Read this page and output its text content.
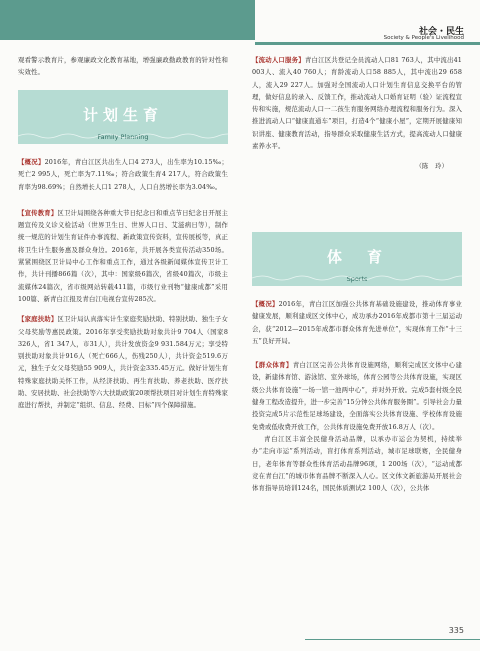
社会・民生
Society & People's Livelihood

观看警示教育片，参观廉政文化教育基地，增强廉政勤政教育的针对性和实效性。

计划生育
Family Planning

【概况】2016年，青白江区共出生人口4 273人，出生率为10.15‰；死亡2 995人，死亡率为7.11‰；符合政策生育4 217人，符合政策生育率为98.69%；自然增长人口1 278人，人口自然增长率为3.04‰。

【宣传教育】区卫计局围绕各种重大节日纪念日和重点节日纪念日开展主题宣传及义诊义检活动（世界卫生日、世界人口日、艾滋病日等），制作统一规范的计划生育证件办事流程、新政策宣传资料，宣传展板等，真正将卫生计生服务惠及群众身边。2016年，共开展各类宣传活动350场。紧紧围绕区卫计局中心工作和重点工作，通过各级新闻媒体宣传卫计工作，共计刊播866篇（次），其中：国家级6篇次，省级40篇次，市级主流媒体24篇次，省市级网站转载411篇，市级行业刊物“健康成都”采用100篇、新青白江报及青白江电视台宣传285次。

【家庭扶助】区卫计局认真落实计生家庭奖励扶助、特别扶助、独生子女父母奖励等惠民政策。2016年享受奖励扶助对象共计9 704人（国家8 326人，省1 347人，市31人），共计发放资金9 931.584万元；享受特别扶助对象共计916人（死亡666人，伤残250人），共计资金519.6万元，独生子女父母奖励55 909人，共计资金335.45万元。做好计划生育特殊家庭扶助关怀工作，从经济扶助、再生育扶助、养老扶助、医疗扶助、安居扶助、社会扶助等六大扶助政策20项帮扶项目对计划生育特殊家庭进行帮扶，并制定“组织、信息、经费、目标”四个保障措施。

【流动人口服务】青白江区共登记全员流动人口81 763人，其中流出41 003人、流入40 760人；育龄流动人口58 885人，其中流出29 658人，流入29 227人。加强对全国流动人口计划生育信息交换平台的管理，做好信息的录入、反馈工作，推动流动人口婚育证明（验）证流程宣传和实施，规范流动人口一二孩生育服务网络办理流程和服务行为。深入推进流动人口“健康直通车”项目，打造4个“健康小屋”，定期开展健康知识讲座、健康教育活动，指导群众采取健康生活方式，提高流动人口健康素养水平。

（陈　玲）

体　育
Sports

【概况】2016年，青白江区加强公共体育基础设施建设，推动体育事业健康发展，顺利建成区文体中心，成功承办2016年成都市第十三届运动会，获“2012—2015年成都市群众体育先进单位”，实现体育工作“十三五”良好开局。

【群众体育】青白江区完善公共体育设施网络，顺利完成区文体中心建设，新建体育馆、游泳馆、室外球场，体育公园等公共体育设施，实现区级公共体育设施“一场一馆一池两中心”，并对外开放。完成5套村级全民健身工程改造提升，进一步完善“15分钟公共体育服务圈”。引导社会力量投资完成5片示范性足球场建设，全面落实公共体育设施、学校体育设施免费或低收费开放工作，公共体育设施免费开放16.8万人（次）。

青白江区丰富全民健身活动品牌，以承办市运会为契机，持续举办“走向市运”系列活动，盲打体育系列活动，城市足球联赛，全民健身日，老年体育等群众性体育活动品牌96项，1 200场（次），“运动成都　竞在青白江”的城市体育品牌不断深入人心。区文体文新旅游局开展社会体育指导员培训124名，国民体质测试2 100人（次），公共体

335
